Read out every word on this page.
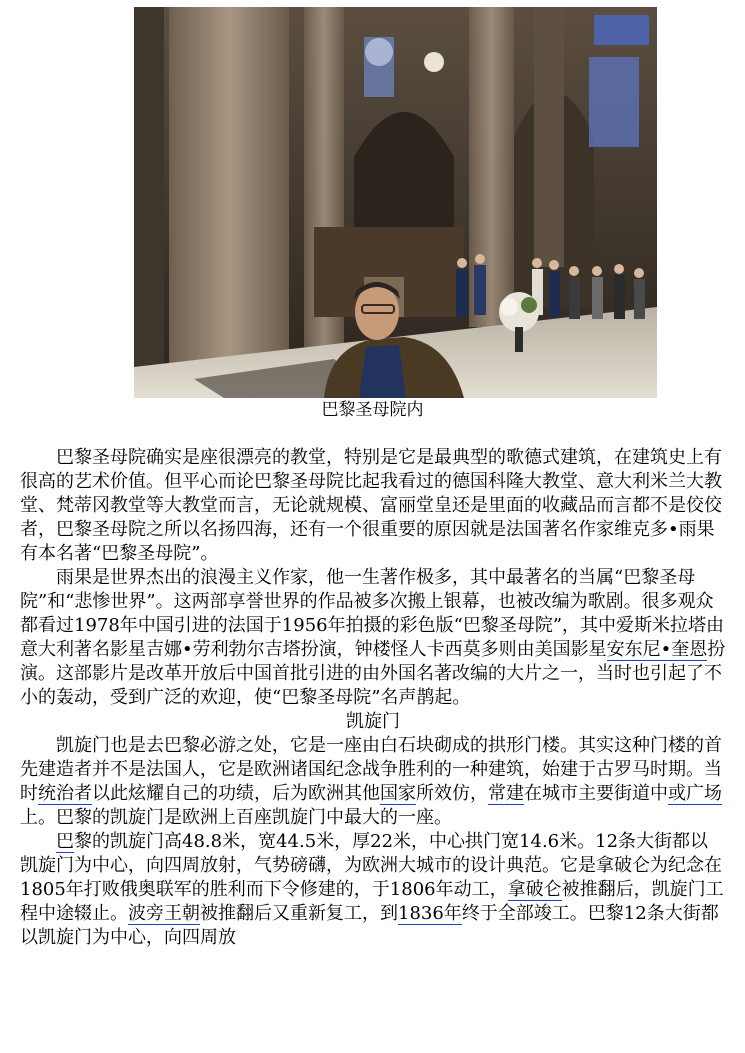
巴黎圣母院内

巴黎圣母院确实是座很漂亮的教堂，特别是它是最典型的歌德式建筑，在建筑史上有很高的艺术价值。但平心而论巴黎圣母院比起我看过的德国科隆大教堂、意大利米兰大教堂、梵蒂冈教堂等大教堂而言，无论就规模、富丽堂皇还是里面的收藏品而言都不是佼佼者，巴黎圣母院之所以名扬四海，还有一个很重要的原因就是法国著名作家维克多•雨果有本名著“巴黎圣母院”。

雨果是世界杰出的浪漫主义作家，他一生著作极多，其中最著名的当属“巴黎圣母院”和“悲惨世界”。这两部享誉世界的作品被多次搬上银幕，也被改编为歌剧。很多观众都看过1978年中国引进的法国于1956年拍摄的彩色版“巴黎圣母院”，其中爱斯米拉塔由意大利著名影星吉娜•劳利勃尔吉塔扮演，钟楼怪人卡西莫多则由美国影星安东尼•奎恩扮演。这部影片是改革开放后中国首批引进的由外国名著改编的大片之一，当时也引起了不小的轰动，受到广泛的欢迎，使“巴黎圣母院”名声鹊起。

凯旋门

凯旋门也是去巴黎必游之处，它是一座由白石块砌成的拱形门楼。其实这种门楼的首先建造者并不是法国人，它是欧洲诸国纪念战争胜利的一种建筑，始建于古罗马时期。当时统治者以此炫耀自己的功绩，后为欧洲其他国家所效仿，常建在城市主要街道中或广场上。巴黎的凯旋门是欧洲上百座凯旋门中最大的一座。

巴黎的凯旋门高48.8米，宽44.5米，厚22米，中心拱门宽14.6米。12条大街都以凯旋门为中心，向四周放射，气势磅礴，为欧洲大城市的设计典范。它是拿破仑为纪念在1805年打败俄奥联军的胜利而下令修建的，于1806年动工，拿破仑被推翻后，凯旋门工程中途辍止。波旁王朝被推翻后又重新复工，到1836年终于全部竣工。巴黎12条大街都以凯旋门为中心，向四周放
